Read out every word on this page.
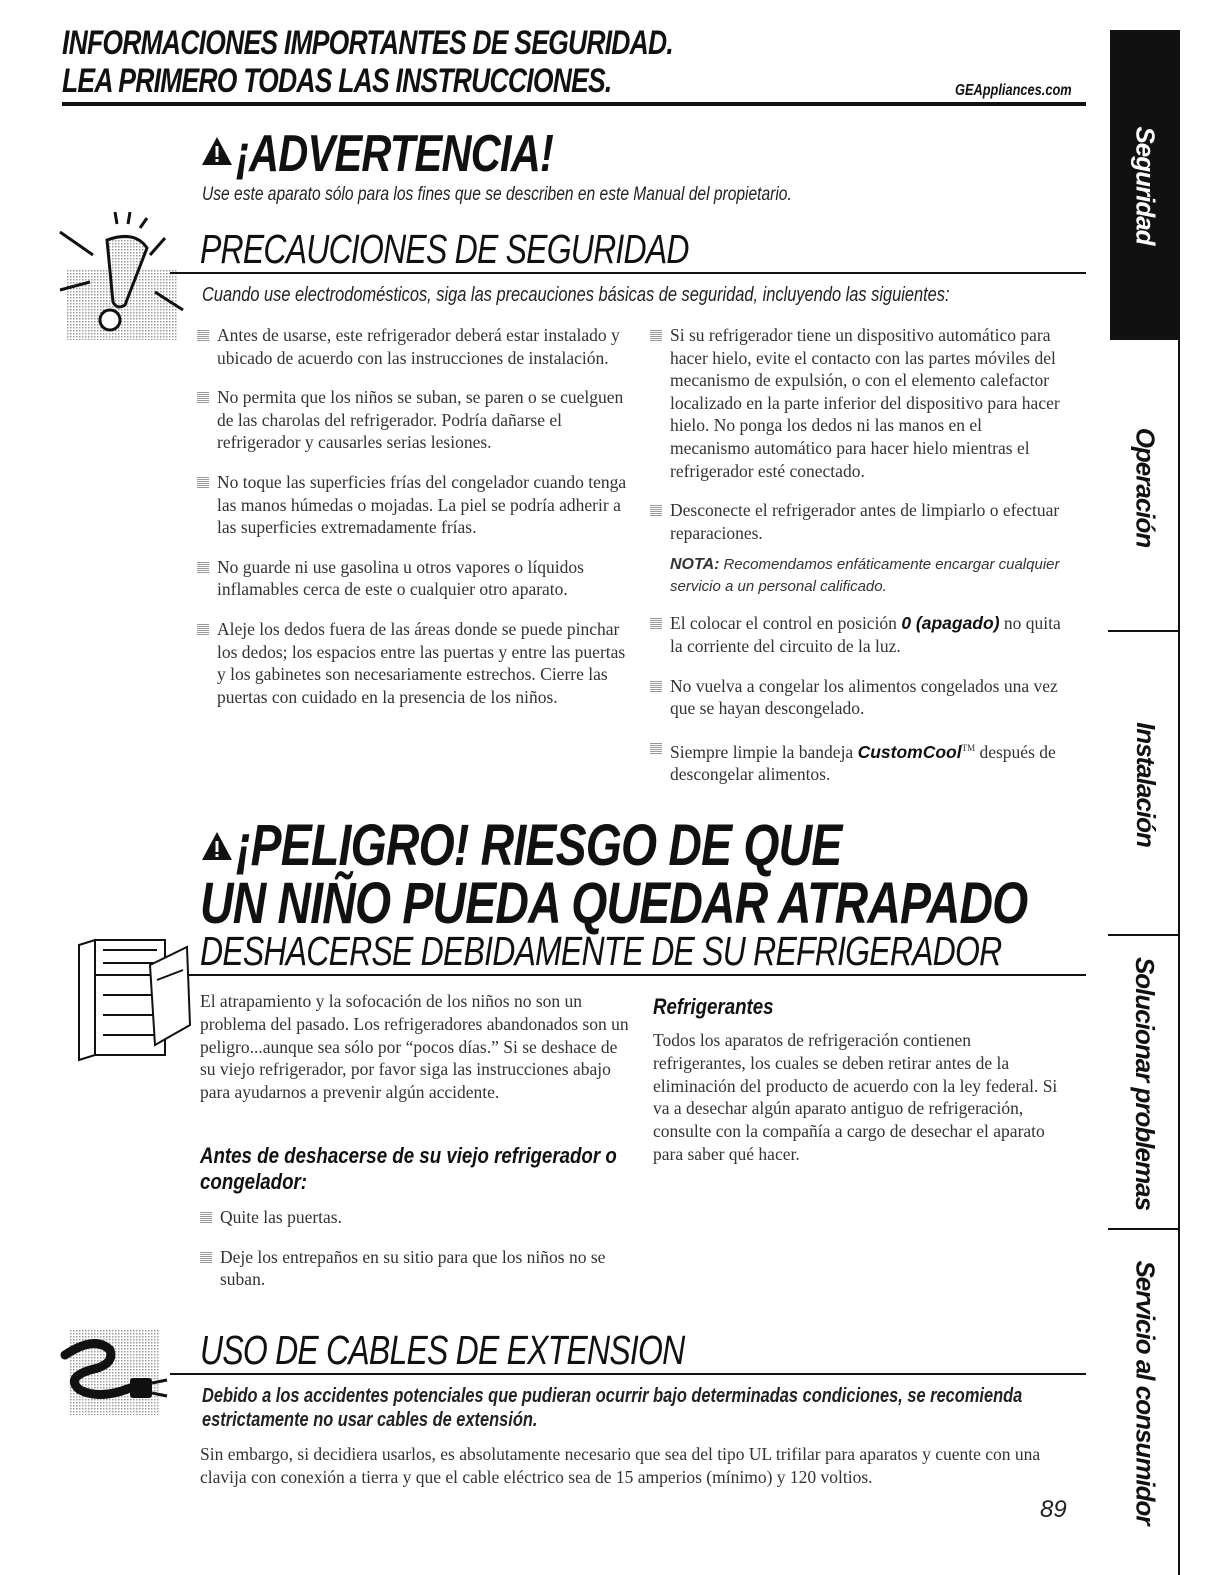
INFORMACIONES IMPORTANTES DE SEGURIDAD.
LEA PRIMERO TODAS LAS INSTRUCCIONES.	GEAppliances.com
¡ADVERTENCIA!
Use este aparato sólo para los fines que se describen en este Manual del propietario.
PRECAUCIONES DE SEGURIDAD
Cuando use electrodomésticos, siga las precauciones básicas de seguridad, incluyendo las siguientes:
Antes de usarse, este refrigerador deberá estar instalado y ubicado de acuerdo con las instrucciones de instalación.
No permita que los niños se suban, se paren o se cuelguen de las charolas del refrigerador. Podría dañarse el refrigerador y causarles serias lesiones.
No toque las superficies frías del congelador cuando tenga las manos húmedas o mojadas. La piel se podría adherir a las superficies extremadamente frías.
No guarde ni use gasolina u otros vapores o líquidos inflamables cerca de este o cualquier otro aparato.
Aleje los dedos fuera de las áreas donde se puede pinchar los dedos; los espacios entre las puertas y entre las puertas y los gabinetes son necesariamente estrechos. Cierre las puertas con cuidado en la presencia de los niños.
Si su refrigerador tiene un dispositivo automático para hacer hielo, evite el contacto con las partes móviles del mecanismo de expulsión, o con el elemento calefactor localizado en la parte inferior del dispositivo para hacer hielo. No ponga los dedos ni las manos en el mecanismo automático para hacer hielo mientras el refrigerador esté conectado.
Desconecte el refrigerador antes de limpiarlo o efectuar reparaciones.
NOTA: Recomendamos enfáticamente encargar cualquier servicio a un personal calificado.
El colocar el control en posición 0 (apagado) no quita la corriente del circuito de la luz.
No vuelva a congelar los alimentos congelados una vez que se hayan descongelado.
Siempre limpie la bandeja CustomCool™ después de descongelar alimentos.
¡PELIGRO! RIESGO DE QUE
UN NIÑO PUEDA QUEDAR ATRAPADO
DESHACERSE DEBIDAMENTE DE SU REFRIGERADOR
El atrapamiento y la sofocación de los niños no son un problema del pasado. Los refrigeradores abandonados son un peligro...aunque sea sólo por “pocos días.” Si se deshace de su viejo refrigerador, por favor siga las instrucciones abajo para ayudarnos a prevenir algún accidente.
Antes de deshacerse de su viejo refrigerador o congelador:
Quite las puertas.
Deje los entrepaños en su sitio para que los niños no se suban.
Refrigerantes
Todos los aparatos de refrigeración contienen refrigerantes, los cuales se deben retirar antes de la eliminación del producto de acuerdo con la ley federal. Si va a desechar algún aparato antiguo de refrigeración, consulte con la compañía a cargo de desechar el aparato para saber qué hacer.
USO DE CABLES DE EXTENSION
Debido a los accidentes potenciales que pudieran ocurrir bajo determinadas condiciones, se recomienda estrictamente no usar cables de extensión.
Sin embargo, si decidiera usarlos, es absolutamente necesario que sea del tipo UL trifilar para aparatos y cuente con una clavija con conexión a tierra y que el cable eléctrico sea de 15 amperios (mínimo) y 120 voltios.
89
Seguridad
Operación
Instalación
Solucionar problemas
Servicio al consumidor
